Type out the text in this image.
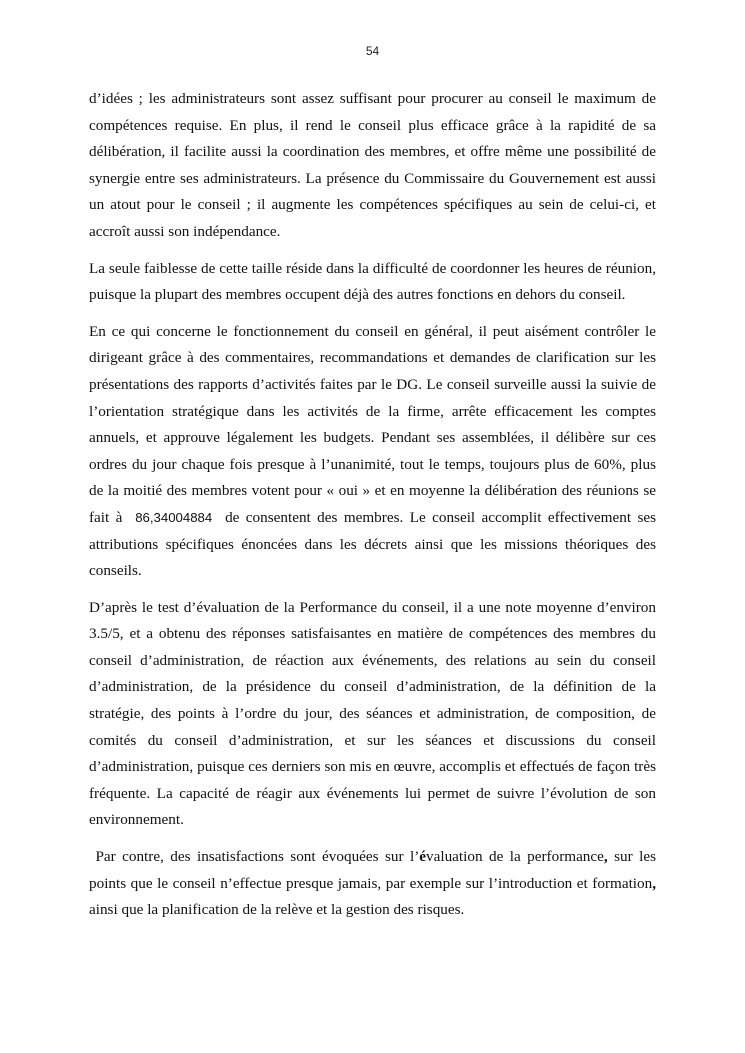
54

d’idées ; les administrateurs sont assez suffisant pour procurer au conseil le maximum de compétences requise. En plus, il rend le conseil plus efficace grâce à la rapidité de sa délibération, il facilite aussi la coordination des membres, et offre même une possibilité de synergie entre ses administrateurs. La présence du Commissaire du Gouvernement est aussi un atout pour le conseil ; il augmente les compétences spécifiques au sein de celui-ci, et accroît aussi son indépendance.

La seule faiblesse de cette taille réside dans la difficulté de coordonner les heures de réunion, puisque la plupart des membres occupent déjà des autres fonctions en dehors du conseil.

En ce qui concerne le fonctionnement du conseil en général, il peut aisément contrôler le dirigeant grâce à des commentaires, recommandations et demandes de clarification sur les présentations des rapports d’activités faites par le DG. Le conseil surveille aussi la suivie de l’orientation stratégique dans les activités de la firme, arrête efficacement les comptes annuels, et approuve légalement les budgets. Pendant ses assemblées, il délibère sur ces ordres du jour chaque fois presque à l’unanimité, tout le temps, toujours plus de 60%, plus de la moitié des membres votent pour « oui » et en moyenne la délibération des réunions se fait à 86,34004884 de consentent des membres. Le conseil accomplit effectivement ses attributions spécifiques énoncées dans les décrets ainsi que les missions théoriques des conseils.

D’après le test d’évaluation de la Performance du conseil, il a une note moyenne d’environ 3.5/5, et a obtenu des réponses satisfaisantes en matière de compétences des membres du conseil d’administration, de réaction aux événements, des relations au sein du conseil d’administration, de la présidence du conseil d’administration, de la définition de la stratégie, des points à l’ordre du jour, des séances et administration, de composition, de comités du conseil d’administration, et sur les séances et discussions du conseil d’administration, puisque ces derniers son mis en œuvre, accomplis et effectués de façon très fréquente. La capacité de réagir aux événements lui permet de suivre l’évolution de son environnement.

Par contre, des insatisfactions sont évoquées sur l’évaluation de la performance, sur les points que le conseil n’effectue presque jamais, par exemple sur l’introduction et formation, ainsi que la planification de la relève et la gestion des risques.
